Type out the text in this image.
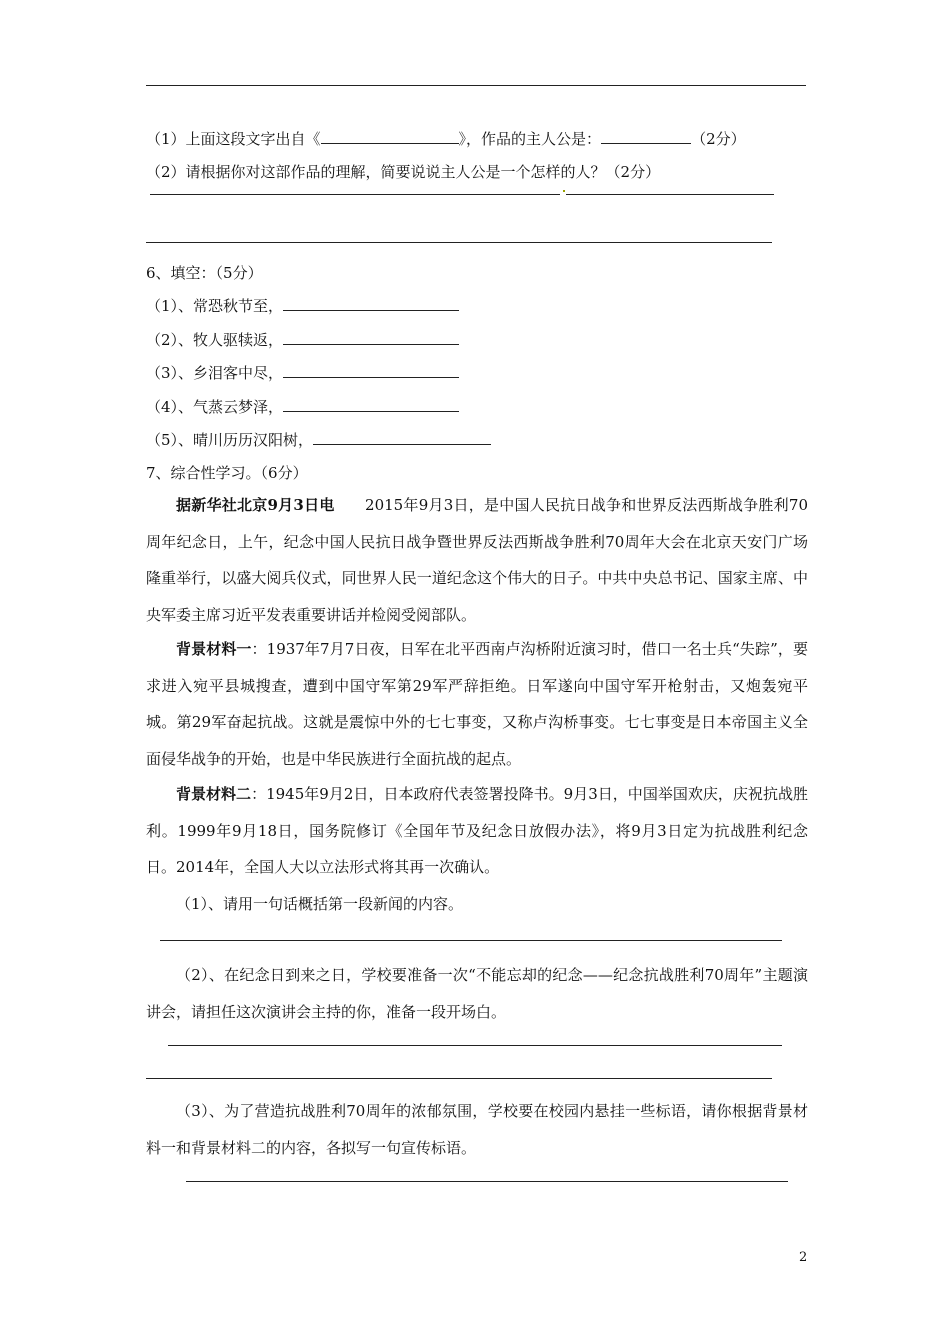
（1）上面这段文字出自《	》，作品的主人公是：	（2分）
（2）请根据你对这部作品的理解，简要说说主人公是一个怎样的人？（2分）
6、填空：（5分）
（1）、常恐秋节至，
（2）、牧人驱犊返，
（3）、乡泪客中尽，
（4）、气蒸云梦泽，
（5）、晴川历历汉阳树，
7、综合性学习。（6分）
据新华社北京9月3日电　　2015年9月3日，是中国人民抗日战争和世界反法西斯战争胜利70周年纪念日，上午，纪念中国人民抗日战争暨世界反法西斯战争胜利70周年大会在北京天安门广场隆重举行，以盛大阅兵仪式，同世界人民一道纪念这个伟大的日子。中共中央总书记、国家主席、中央军委主席习近平发表重要讲话并检阅受阅部队。
背景材料一：1937年7月7日夜，日军在北平西南卢沟桥附近演习时，借口一名士兵“失踪”，要求进入宛平县城搜查，遭到中国守军第29军严辞拒绝。日军遂向中国守军开枪射击，又炮轰宛平城。第29军奋起抗战。这就是震惊中外的七七事变，又称卢沟桥事变。七七事变是日本帝国主义全面侵华战争的开始，也是中华民族进行全面抗战的起点。
背景材料二：1945年9月2日，日本政府代表签署投降书。9月3日，中国举国欢庆，庆祝抗战胜利。1999年9月18日，国务院修订《全国年节及纪念日放假办法》，将9月3日定为抗战胜利纪念日。2014年，全国人大以立法形式将其再一次确认。
（1）、请用一句话概括第一段新闻的内容。
（2）、在纪念日到来之日，学校要准备一次“不能忘却的纪念——纪念抗战胜利70周年”主题演讲会，请担任这次演讲会主持的你，准备一段开场白。
（3）、为了营造抗战胜利70周年的浓郁氛围，学校要在校园内悬挂一些标语，请你根据背景材料一和背景材料二的内容，各拟写一句宣传标语。
2
